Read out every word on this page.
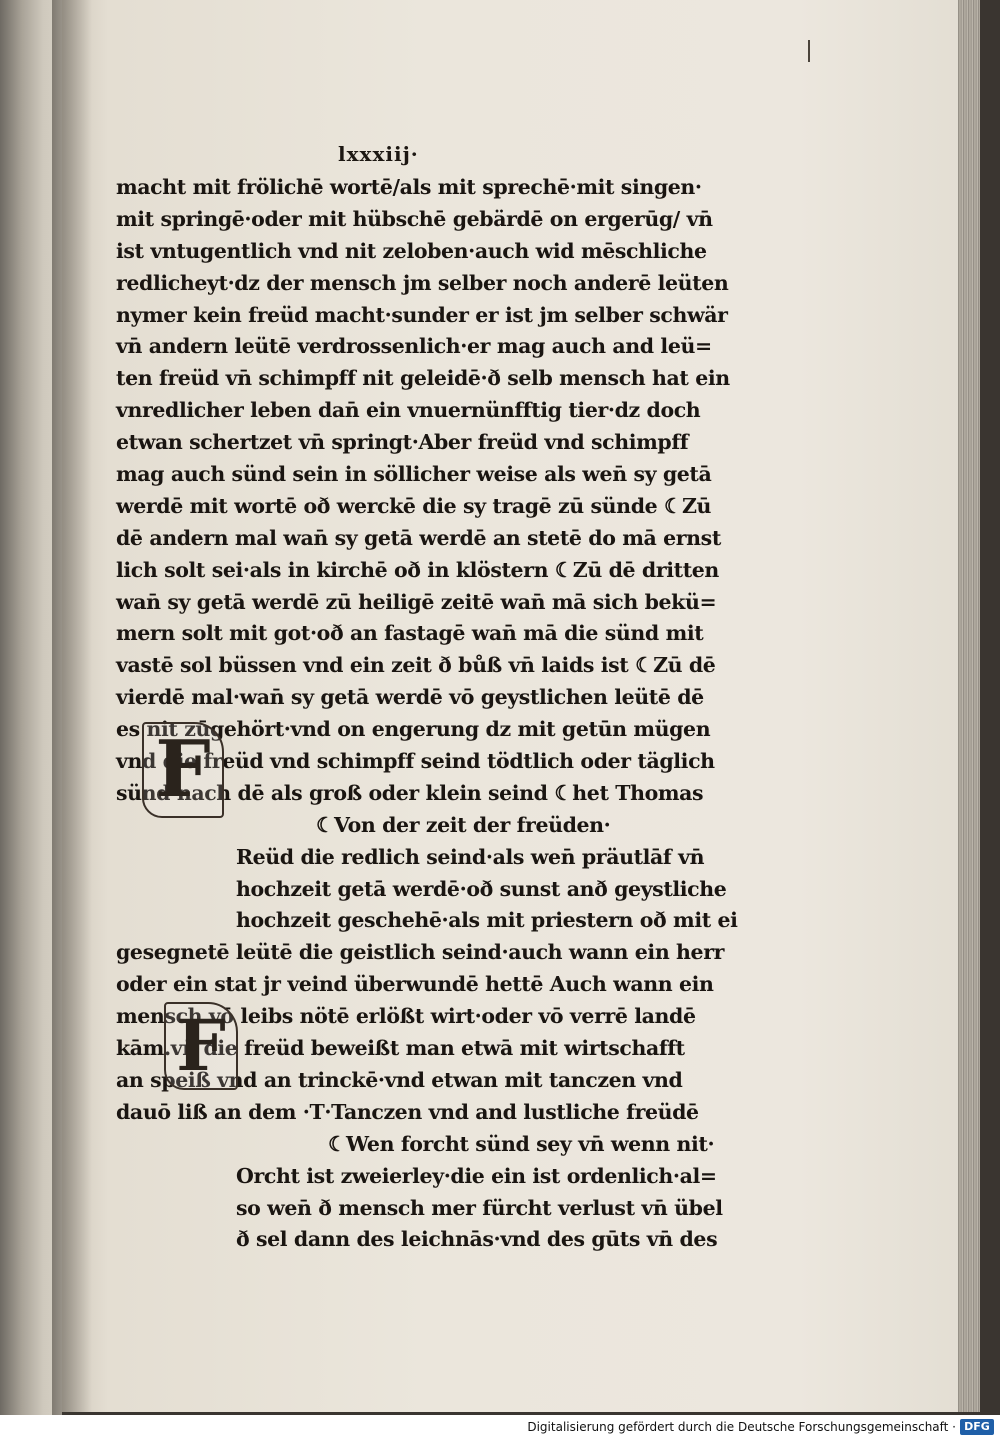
lxxxiij·
macht mit frölichē wortē/als mit sprechē·mit singen·
mit springē·oder mit hübschē gebärdē on ergerūg/ vn̄
ist vntugentlich vnd nit zeloben·auch wid mēschliche
redlicheyt·dz der mensch jm selber noch anderē leüten
nymer kein freüd macht·sunder er ist jm selber schwär
vn̄ andern leütē verdrossenlich·er mag auch and leü=
ten freüd vn̄ schimpff nit geleidē·ð selb mensch hat ein
vnredlicher leben dan̄ ein vnuernünfftig tier·dz doch
etwan schertzet vn̄ springt·Aber freüd vnd schimpff
mag auch sünd sein in söllicher weise als wen̄ sy getā
werdē mit wortē oð werckē die sy tragē zū sünde ☾Zū
dē andern mal wan̄ sy getā werdē an stetē do mā ernst
lich solt sei·als in kirchē oð in klöstern ☾Zū dē dritten
wan̄ sy getā werdē zū heiligē zeitē wan̄ mā sich bekü=
mern solt mit got·oð an fastagē wan̄ mā die sünd mit
vastē sol büssen vnd ein zeit ð bůß vn̄ laids ist ☾Zū dē
vierdē mal·wan̄ sy getā werdē vō geystlichen leütē dē
es nit zūgehört·vnd on engerung dz mit getūn mügen
vnd die freüd vnd schimpff seind tödtlich oder täglich
sünd nach dē als groß oder klein seind ☾het Thomas
☾Von der zeit der freüden·
Reüd die redlich seind·als wen̄ präutlāf vn̄
hochzeit getā werdē·oð sunst anð geystliche
hochzeit geschehē·als mit priestern oð mit ei
gesegnetē leütē die geistlich seind·auch wann ein herr
oder ein stat jr veind überwundē hettē Auch wann ein
mensch vō leibs nötē erlößt wirt·oder vō verrē landē
kām.vn̄ die freüd beweißt man etwā mit wirtschafft
an speiß vnd an trinckē·vnd etwan mit tanczen vnd
dauō liß an dem ·T·Tanczen vnd and lustliche freüdē
☾Wen forcht sünd sey vn̄ wenn nit·
Orcht ist zweierley·die ein ist ordenlich·al=
so wen̄ ð mensch mer fürcht verlust vn̄ übel
ð sel dann des leichnās·vnd des gūts vn̄ des
F
F
Digitalisierung gefördert durch die Deutsche Forschungsgemeinschaft · DFG
